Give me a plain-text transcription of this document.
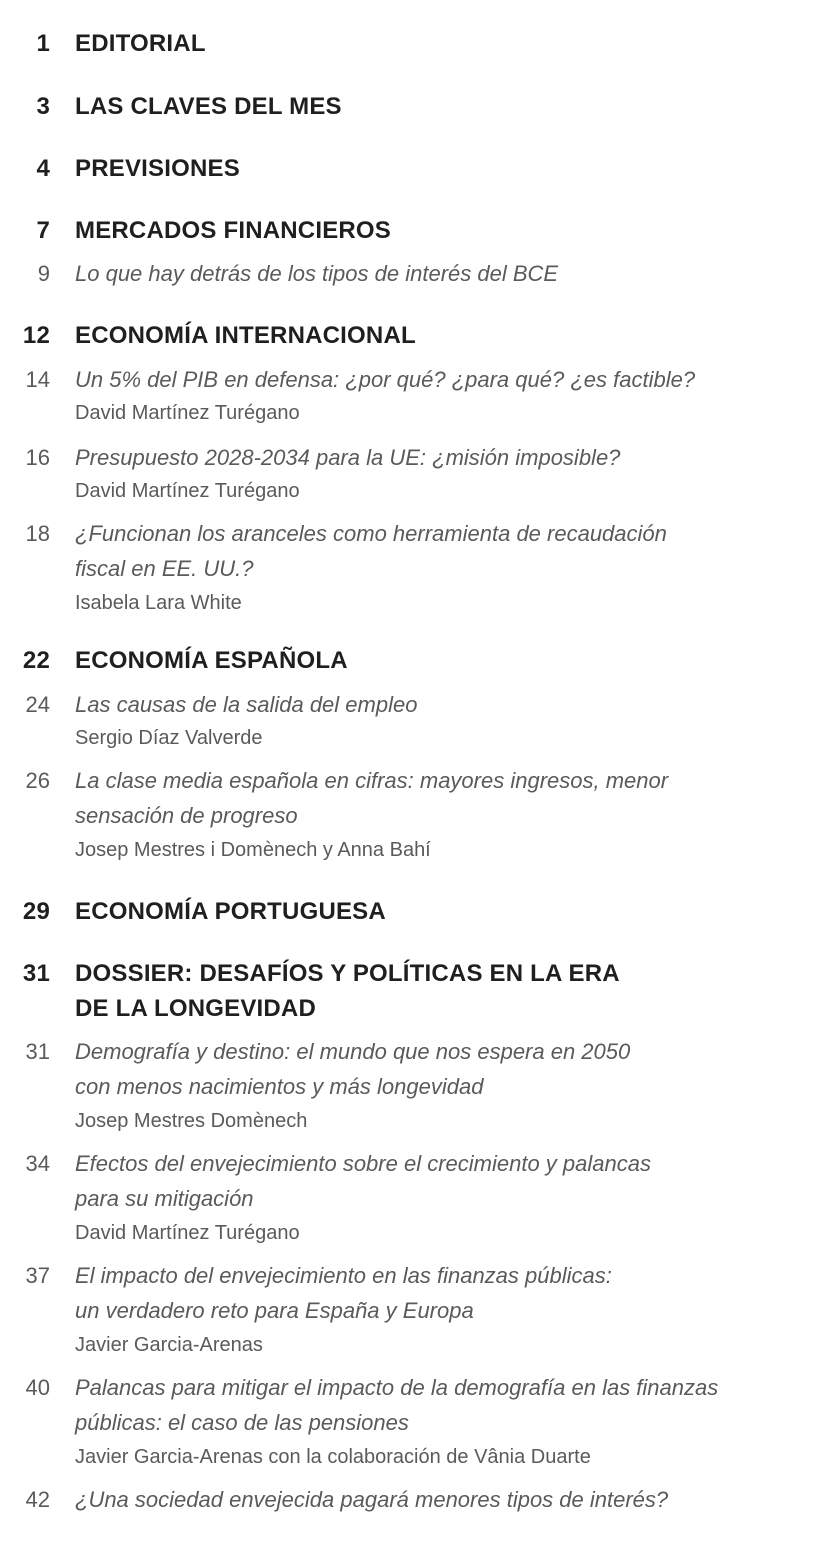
1 EDITORIAL
3 LAS CLAVES DEL MES
4 PREVISIONES
7 MERCADOS FINANCIEROS
9 Lo que hay detrás de los tipos de interés del BCE
12 ECONOMÍA INTERNACIONAL
14 Un 5% del PIB en defensa: ¿por qué? ¿para qué? ¿es factible?
David Martínez Turégano
16 Presupuesto 2028-2034 para la UE: ¿misión imposible?
David Martínez Turégano
18 ¿Funcionan los aranceles como herramienta de recaudación
fiscal en EE. UU.?
Isabela Lara White
22 ECONOMÍA ESPAÑOLA
24 Las causas de la salida del empleo
Sergio Díaz Valverde
26 La clase media española en cifras: mayores ingresos, menor
sensación de progreso
Josep Mestres i Domènech y Anna Bahí
29 ECONOMÍA PORTUGUESA
31 DOSSIER: DESAFÍOS Y POLÍTICAS EN LA ERA
DE LA LONGEVIDAD
31 Demografía y destino: el mundo que nos espera en 2050
con menos nacimientos y más longevidad
Josep Mestres Domènech
34 Efectos del envejecimiento sobre el crecimiento y palancas
para su mitigación
David Martínez Turégano
37 El impacto del envejecimiento en las finanzas públicas:
un verdadero reto para España y Europa
Javier Garcia-Arenas
40 Palancas para mitigar el impacto de la demografía en las finanzas
públicas: el caso de las pensiones
Javier Garcia-Arenas con la colaboración de Vânia Duarte
42 ¿Una sociedad envejecida pagará menores tipos de interés?
